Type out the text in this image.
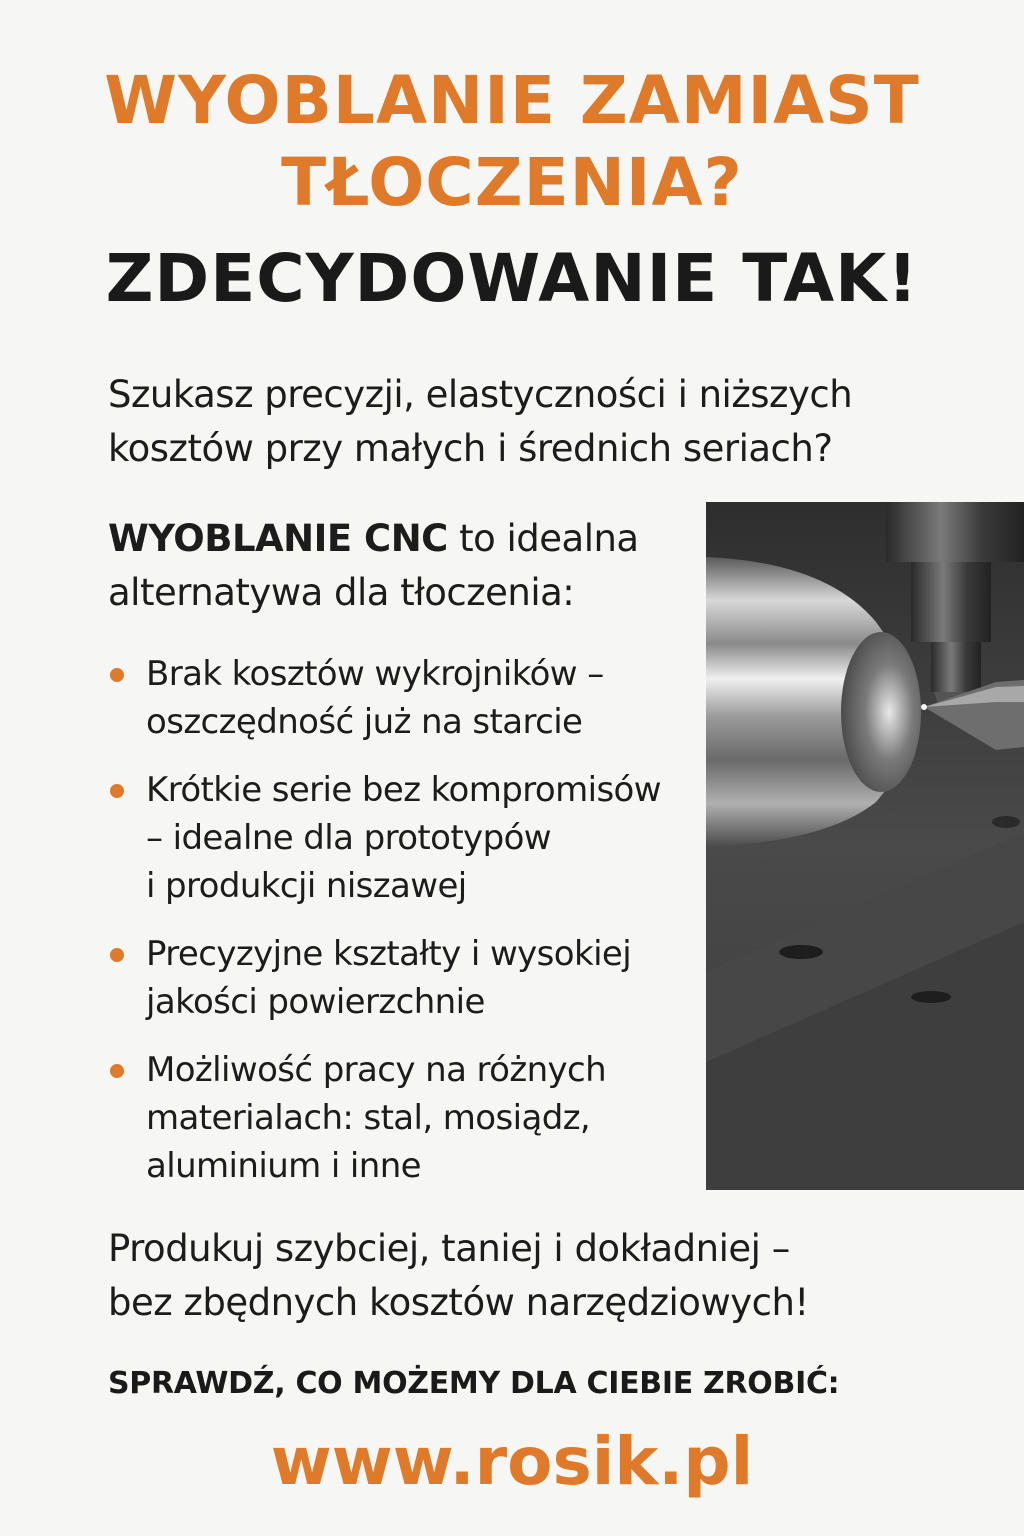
WYOBLANIE ZAMIAST
TŁOCZENIA?
ZDECYDOWANIE TAK!
Szukasz precyzji, elastyczności i niższych
kosztów przy małych i średnich seriach?
WYOBLANIE CNC to idealna
alternatywa dla tłoczenia:
Brak kosztów wykrojników –
oszczędność już na starcie
Krótkie serie bez kompromisów
– idealne dla prototypów
i produkcji niszawej
Precyzyjne kształty i wysokiej
jakości powierzchnie
Możliwość pracy na różnych
materialach: stal, mosiądz,
aluminium i inne
Produkuj szybciej, taniej i dokładniej –
bez zbędnych kosztów narzędziowych!
SPRAWDŹ, CO MOŻEMY DLA CIEBIE ZROBIĆ:
www.rosik.pl
